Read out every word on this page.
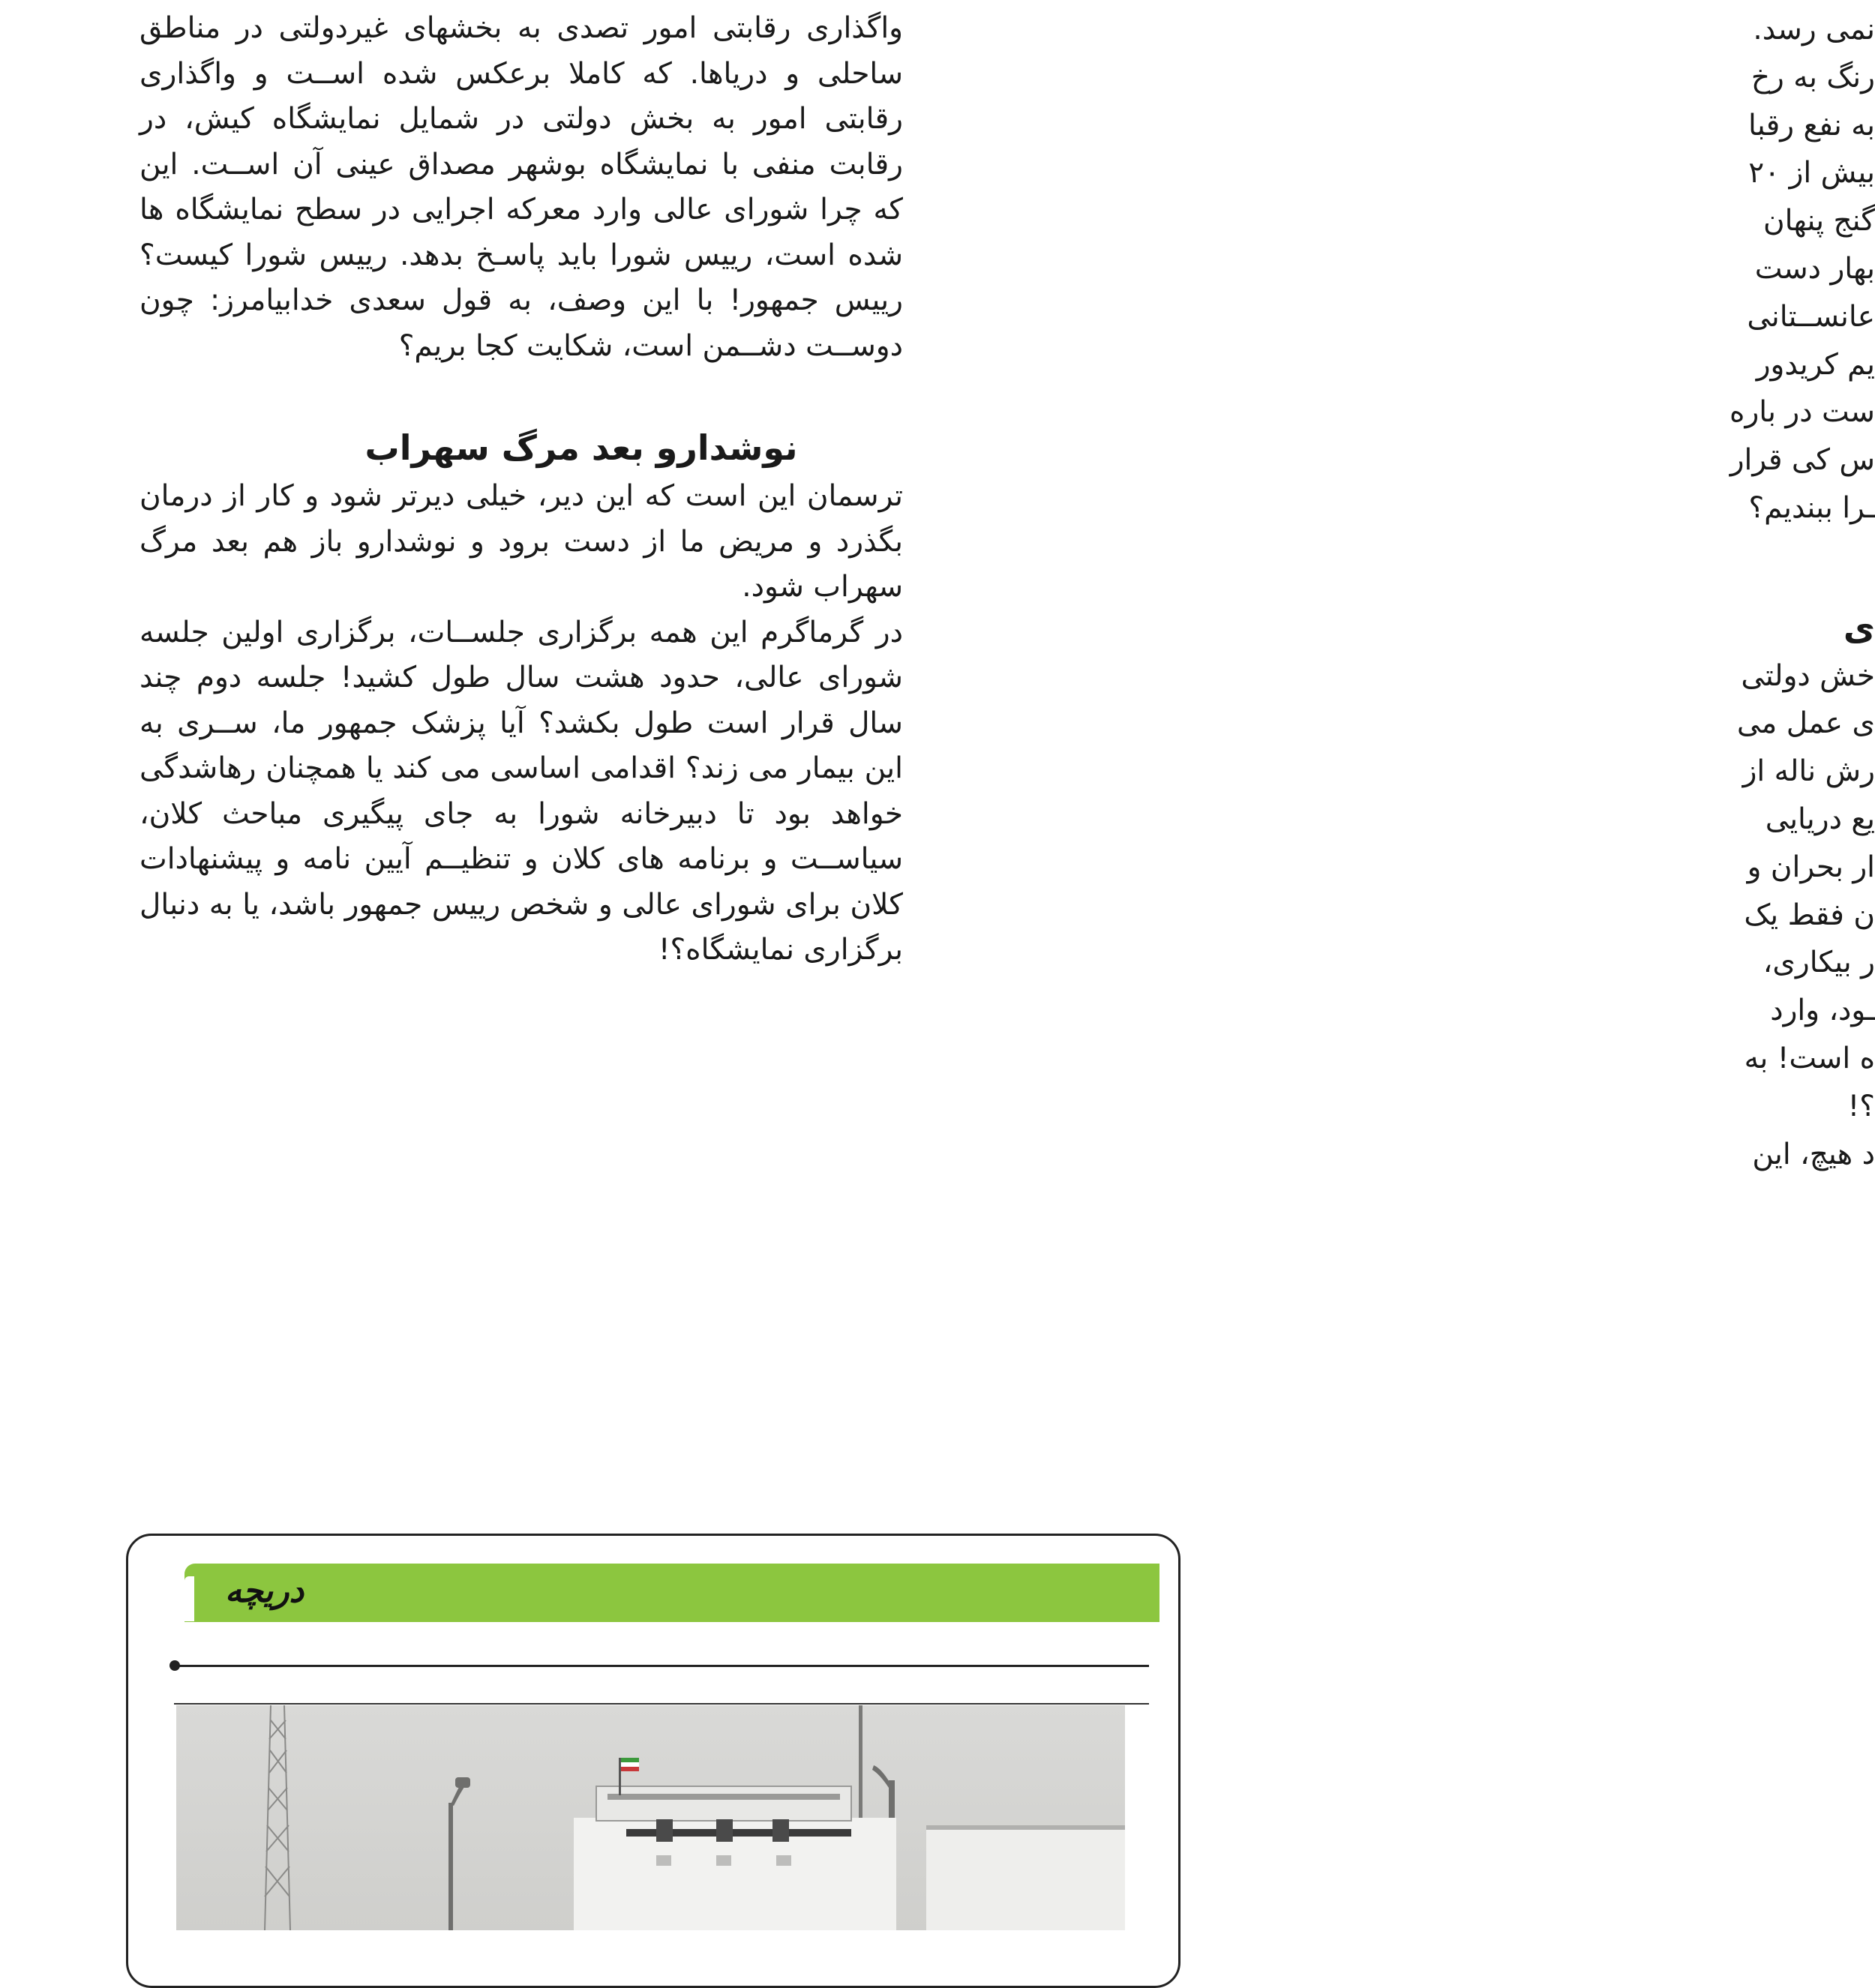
واگذاری رقابتی امور تصدی به بخشهای غیردولتی در مناطق ساحلی و دریاها. که کاملا برعکس شده اســت و واگذاری رقابتی امور به بخش دولتی در شمایل نمایشگاه کیش، در رقابت منفی با نمایشگاه بوشهر مصداق عینی آن اســت. این که چرا شورای عالی وارد معرکه اجرایی در سطح نمایشگاه ها شده است، رییس شورا باید پاسـخ بدهد. رییس شورا کیست؟ رییس جمهور! با این وصف، به قول سعدی خدابیامرز: چون دوســت دشــمن است، شکایت کجا بریم؟

نوشدارو بعد مرگ سهراب

ترسمان این است که این دیر، خیلی دیرتر شود و کار از درمان بگذرد و مریض ما از دست برود و نوشدارو باز هم بعد مرگ سهراب شود.

در گرماگرم این همه برگزاری جلســات، برگزاری اولین جلسه شورای عالی، حدود هشت سال طول کشید! جلسه دوم چند سال قرار است طول بکشد؟ آیا پزشک جمهور ما، ســری به این بیمار می زند؟ اقدامی اساسی می کند یا همچنان رهاشدگی خواهد بود تا دبیرخانه شورا به جای پیگیری مباحث کلان، سیاســت و برنامه های کلان و تنظیــم آیین نامه و پیشنهادات کلان برای شورای عالی و شخص رییس جمهور باشد، یا به دنبال برگزاری نمایشگاه؟!

نمی رسد.
رنگ به رخ
به نفع رقبا
بیش از ۲۰
گنج پنهان
بهار دست
عانســتانی
یم کریدور
ست در باره
س کی قرار
ـرا ببندیم؟
ی
خش دولتی
ی عمل می
رش ناله از
یع دریایی
ار بحران و
ن فقط یک
ر بیکاری،
ـود، وارد
ه است! به
؟!
د هیچ، این
دریچه
